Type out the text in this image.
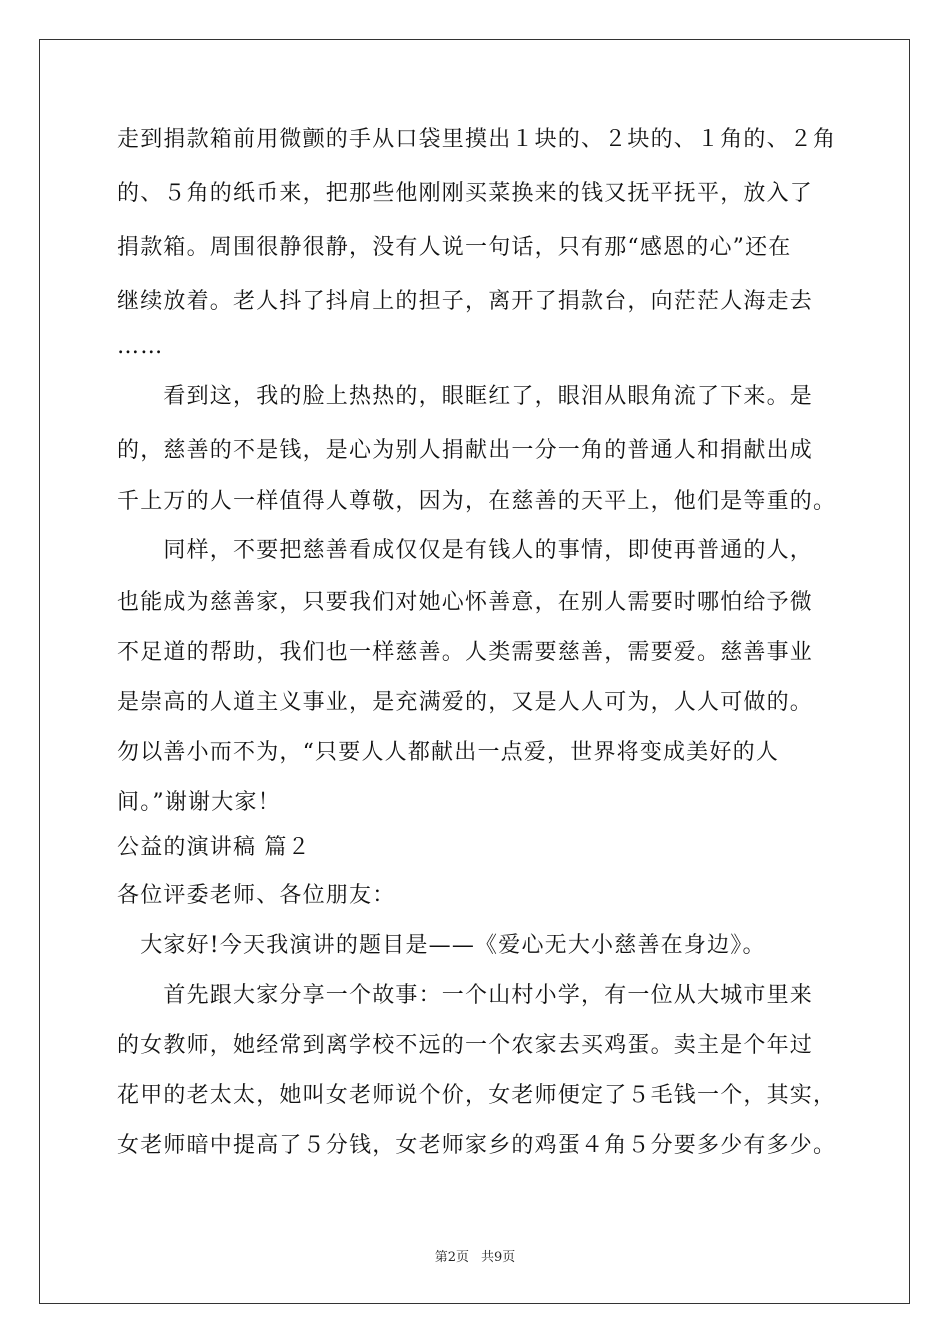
走到捐款箱前用微颤的手从口袋里摸出１块的、２块的、１角的、２角
的、５角的纸币来，把那些他刚刚买菜换来的钱又抚平抚平，放入了
捐款箱。周围很静很静，没有人说一句话，只有那“感恩的心”还在
继续放着。老人抖了抖肩上的担子，离开了捐款台，向茫茫人海走去
……
　　看到这，我的脸上热热的，眼眶红了，眼泪从眼角流了下来。是
的，慈善的不是钱，是心为别人捐献出一分一角的普通人和捐献出成
千上万的人一样值得人尊敬，因为，在慈善的天平上，他们是等重的。
　　同样，不要把慈善看成仅仅是有钱人的事情，即使再普通的人，
也能成为慈善家，只要我们对她心怀善意，在别人需要时哪怕给予微
不足道的帮助，我们也一样慈善。人类需要慈善，需要爱。慈善事业
是崇高的人道主义事业，是充满爱的，又是人人可为，人人可做的。
勿以善小而不为，“只要人人都献出一点爱，世界将变成美好的人
间。”谢谢大家！
公益的演讲稿 篇２
各位评委老师、各位朋友：
　大家好!今天我演讲的题目是——《爱心无大小慈善在身边》。
　　首先跟大家分享一个故事：一个山村小学，有一位从大城市里来
的女教师，她经常到离学校不远的一个农家去买鸡蛋。卖主是个年过
花甲的老太太，她叫女老师说个价，女老师便定了５毛钱一个，其实，
女老师暗中提高了５分钱，女老师家乡的鸡蛋４角５分要多少有多少。
第2页 共9页
